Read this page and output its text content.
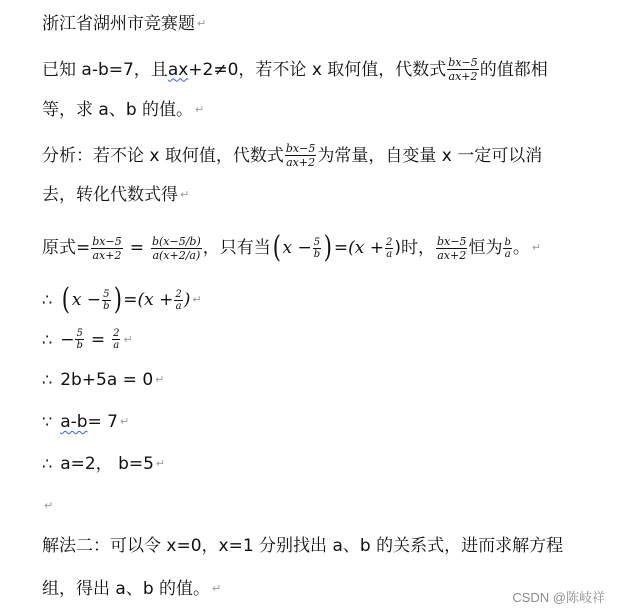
浙江省湖州市竞赛题 ↵
已知 a-b=7，且 ax +2≠0，若不论 x 取何值，代数式 $\frac{bx-5}{ax+2}$ 的值都相
等，求 a、b 的值。 ↵
分析：若不论 x 取何值，代数式 $\frac{bx-5}{ax+2}$ 为常量，自变量 x 一定可以消
去，转化代数式得 ↵
原式= $\frac{bx-5}{ax+2} = \frac{b(x-5/b)}{a(x+2/a)}$ ，只有当 ( $x - \frac{5}{b}$ ) $=(x + \frac{2}{a}$ )时， $\frac{bx-5}{ax+2}$ 恒为 $\frac{b}{a}$ 。 ↵
∴ ( $x - \frac{5}{b}$ ) $=(x + \frac{2}{a}$ ) ↵
∴ − $\frac{5}{b} = \frac{2}{a}$ ↵
∴ 2b+5a = 0 ↵
∵ a-b = 7 ↵
∴ a=2， b=5 ↵
↵
解法二：可以令 x=0，x=1 分别找出 a、b 的关系式，进而求解方程
组，得出 a、b 的值。 ↵
CSDN @陈岐祥
